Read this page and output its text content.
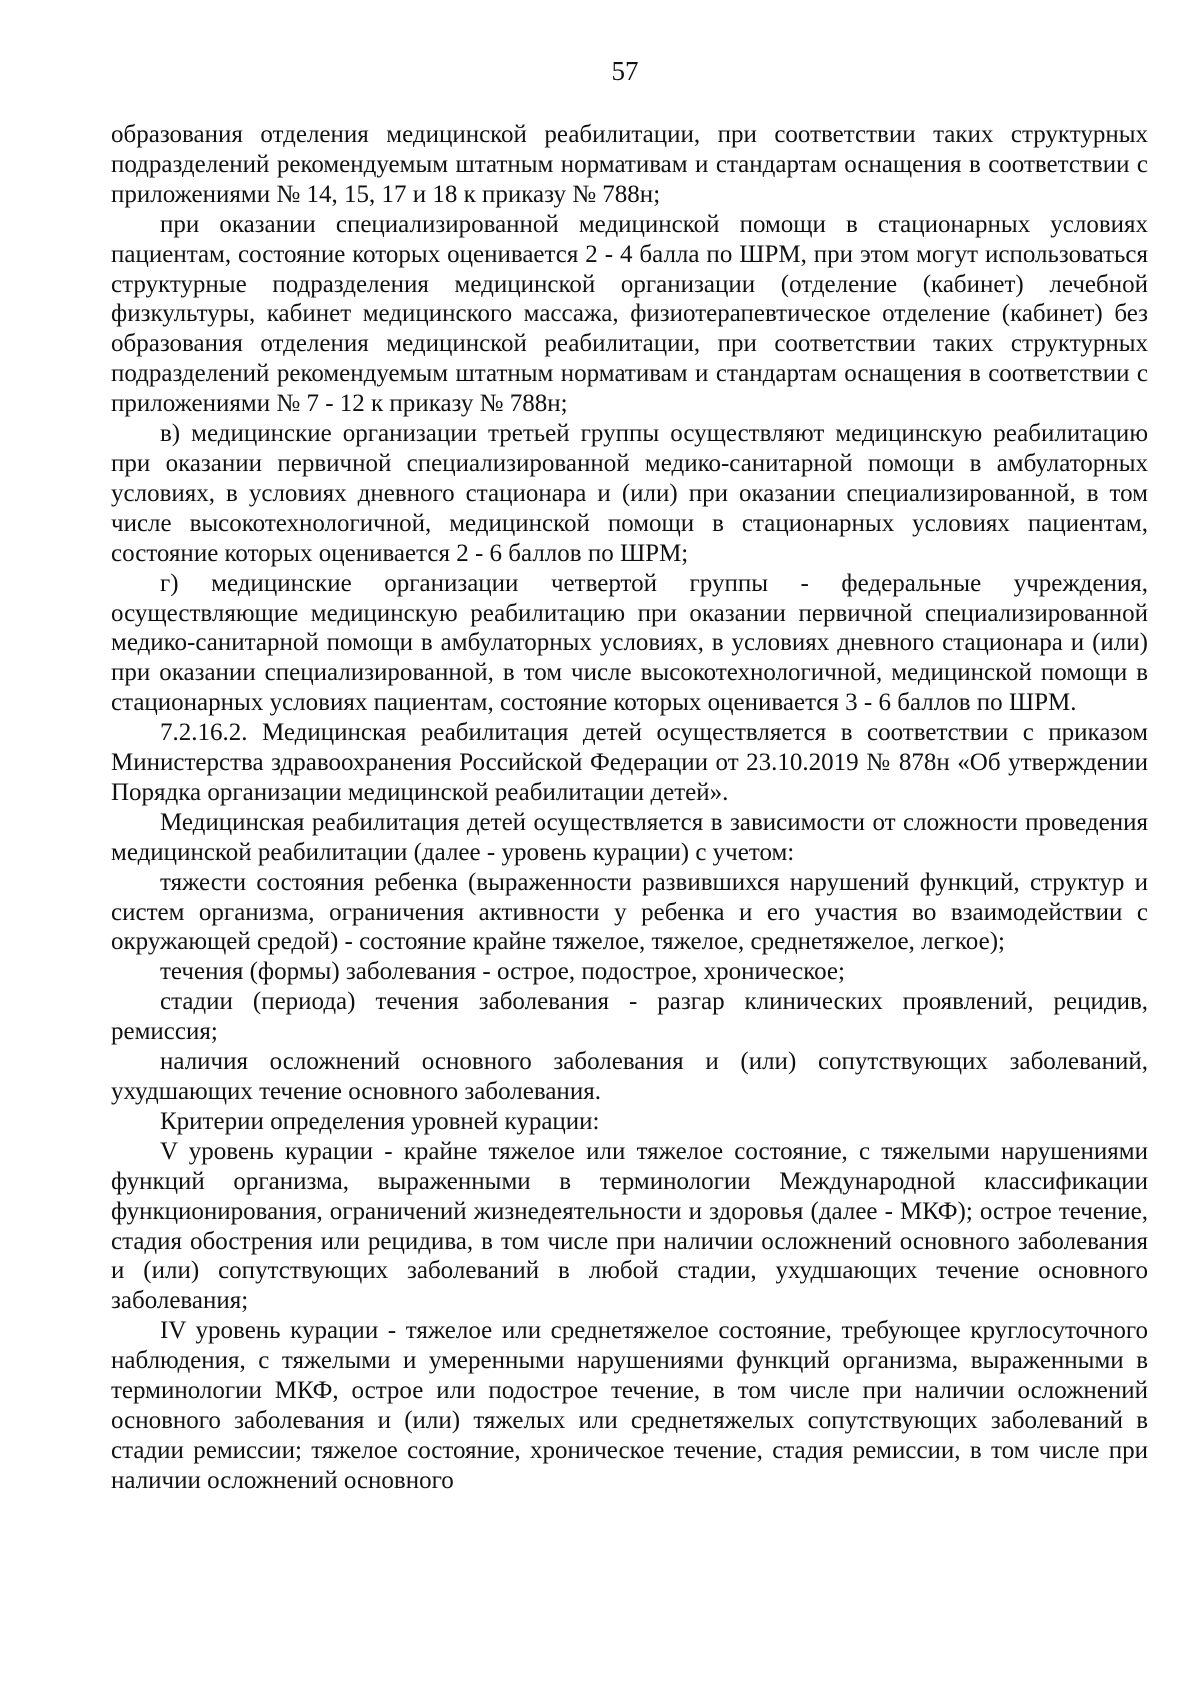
57

образования отделения медицинской реабилитации, при соответствии таких структурных подразделений рекомендуемым штатным нормативам и стандартам оснащения в соответствии с приложениями № 14, 15, 17 и 18 к приказу № 788н;

при оказании специализированной медицинской помощи в стационарных условиях пациентам, состояние которых оценивается 2 - 4 балла по ШРМ, при этом могут использоваться структурные подразделения медицинской организации (отделение (кабинет) лечебной физкультуры, кабинет медицинского массажа, физиотерапевтическое отделение (кабинет) без образования отделения медицинской реабилитации, при соответствии таких структурных подразделений рекомендуемым штатным нормативам и стандартам оснащения в соответствии с приложениями № 7 - 12 к приказу № 788н;

в) медицинские организации третьей группы осуществляют медицинскую реабилитацию при оказании первичной специализированной медико-санитарной помощи в амбулаторных условиях, в условиях дневного стационара и (или) при оказании специализированной, в том числе высокотехнологичной, медицинской помощи в стационарных условиях пациентам, состояние которых оценивается 2 - 6 баллов по ШРМ;

г) медицинские организации четвертой группы - федеральные учреждения, осуществляющие медицинскую реабилитацию при оказании первичной специализированной медико-санитарной помощи в амбулаторных условиях, в условиях дневного стационара и (или) при оказании специализированной, в том числе высокотехнологичной, медицинской помощи в стационарных условиях пациентам, состояние которых оценивается 3 - 6 баллов по ШРМ.

7.2.16.2. Медицинская реабилитация детей осуществляется в соответствии с приказом Министерства здравоохранения Российской Федерации от 23.10.2019 № 878н «Об утверждении Порядка организации медицинской реабилитации детей».

Медицинская реабилитация детей осуществляется в зависимости от сложности проведения медицинской реабилитации (далее - уровень курации) с учетом:

тяжести состояния ребенка (выраженности развившихся нарушений функций, структур и систем организма, ограничения активности у ребенка и его участия во взаимодействии с окружающей средой) - состояние крайне тяжелое, тяжелое, среднетяжелое, легкое);

течения (формы) заболевания - острое, подострое, хроническое;

стадии (периода) течения заболевания - разгар клинических проявлений, рецидив, ремиссия;

наличия осложнений основного заболевания и (или) сопутствующих заболеваний, ухудшающих течение основного заболевания.

Критерии определения уровней курации:

V уровень курации - крайне тяжелое или тяжелое состояние, с тяжелыми нарушениями функций организма, выраженными в терминологии Международной классификации функционирования, ограничений жизнедеятельности и здоровья (далее - МКФ); острое течение, стадия обострения или рецидива, в том числе при наличии осложнений основного заболевания и (или) сопутствующих заболеваний в любой стадии, ухудшающих течение основного заболевания;

IV уровень курации - тяжелое или среднетяжелое состояние, требующее круглосуточного наблюдения, с тяжелыми и умеренными нарушениями функций организма, выраженными в терминологии МКФ, острое или подострое течение, в том числе при наличии осложнений основного заболевания и (или) тяжелых или среднетяжелых сопутствующих заболеваний в стадии ремиссии; тяжелое состояние, хроническое течение, стадия ремиссии, в том числе при наличии осложнений основного
